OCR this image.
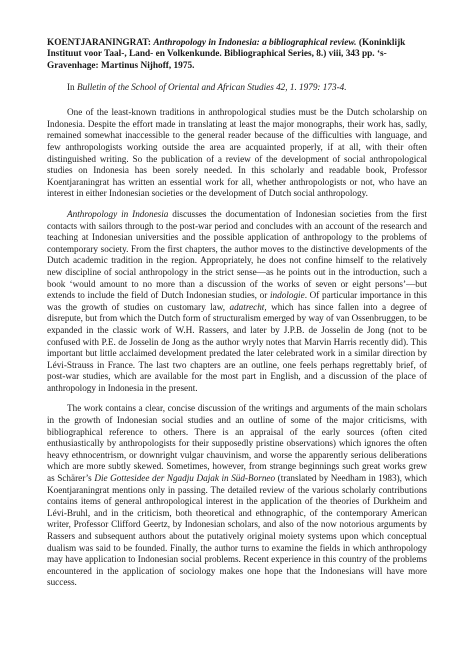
KOENTJARANINGRAT: Anthropology in Indonesia: a bibliographical review. (Koninklijk Instituut voor Taal-, Land- en Volkenkunde. Bibliographical Series, 8.) viii, 343 pp. ‘s-Gravenhage: Martinus Nijhoff, 1975.
In Bulletin of the School of Oriental and African Studies 42, 1. 1979: 173-4.

One of the least-known traditions in anthropological studies must be the Dutch scholarship on Indonesia. Despite the effort made in translating at least the major monographs, their work has, sadly, remained somewhat inaccessible to the general reader because of the difficulties with language, and few anthropologists working outside the area are acquainted properly, if at all, with their often distinguished writing. So the publication of a review of the development of social anthropological studies on Indonesia has been sorely needed. In this scholarly and readable book, Professor Koentjaraningrat has written an essential work for all, whether anthropologists or not, who have an interest in either Indonesian societies or the development of Dutch social anthropology.

Anthropology in Indonesia discusses the documentation of Indonesian societies from the first contacts with sailors through to the post-war period and concludes with an account of the research and teaching at Indonesian universities and the possible application of anthropology to the problems of contemporary society. From the first chapters, the author moves to the distinctive developments of the Dutch academic tradition in the region. Appropriately, he does not confine himself to the relatively new discipline of social anthropology in the strict sense—as he points out in the introduction, such a book ‘would amount to no more than a discussion of the works of seven or eight persons’—but extends to include the field of Dutch Indonesian studies, or indologie. Of particular importance in this was the growth of studies on customary law, adatrecht, which has since fallen into a degree of disrepute, but from which the Dutch form of structuralism emerged by way of van Ossenbruggen, to be expanded in the classic work of W.H. Rassers, and later by J.P.B. de Josselin de Jong (not to be confused with P.E. de Josselin de Jong as the author wryly notes that Marvin Harris recently did). This important but little acclaimed development predated the later celebrated work in a similar direction by Lévi-Strauss in France. The last two chapters are an outline, one feels perhaps regrettably brief, of post-war studies, which are available for the most part in English, and a discussion of the place of anthropology in Indonesia in the present.

The work contains a clear, concise discussion of the writings and arguments of the main scholars in the growth of Indonesian social studies and an outline of some of the major criticisms, with bibliographical reference to others. There is an appraisal of the early sources (often cited enthusiastically by anthropologists for their supposedly pristine observations) which ignores the often heavy ethnocentrism, or downright vulgar chauvinism, and worse the apparently serious deliberations which are more subtly skewed. Sometimes, however, from strange beginnings such great works grew as Schärer’s Die Gottesidee der Ngadju Dajak in Süd-Borneo (translated by Needham in 1983), which Koentjaraningrat mentions only in passing. The detailed review of the various scholarly contributions contains items of general anthropological interest in the application of the theories of Durkheim and Lévi-Bruhl, and in the criticism, both theoretical and ethnographic, of the contemporary American writer, Professor Clifford Geertz, by Indonesian scholars, and also of the now notorious arguments by Rassers and subsequent authors about the putatively original moiety systems upon which conceptual dualism was said to be founded. Finally, the author turns to examine the fields in which anthropology may have application to Indonesian social problems. Recent experience in this country of the problems encountered in the application of sociology makes one hope that the Indonesians will have more success.
